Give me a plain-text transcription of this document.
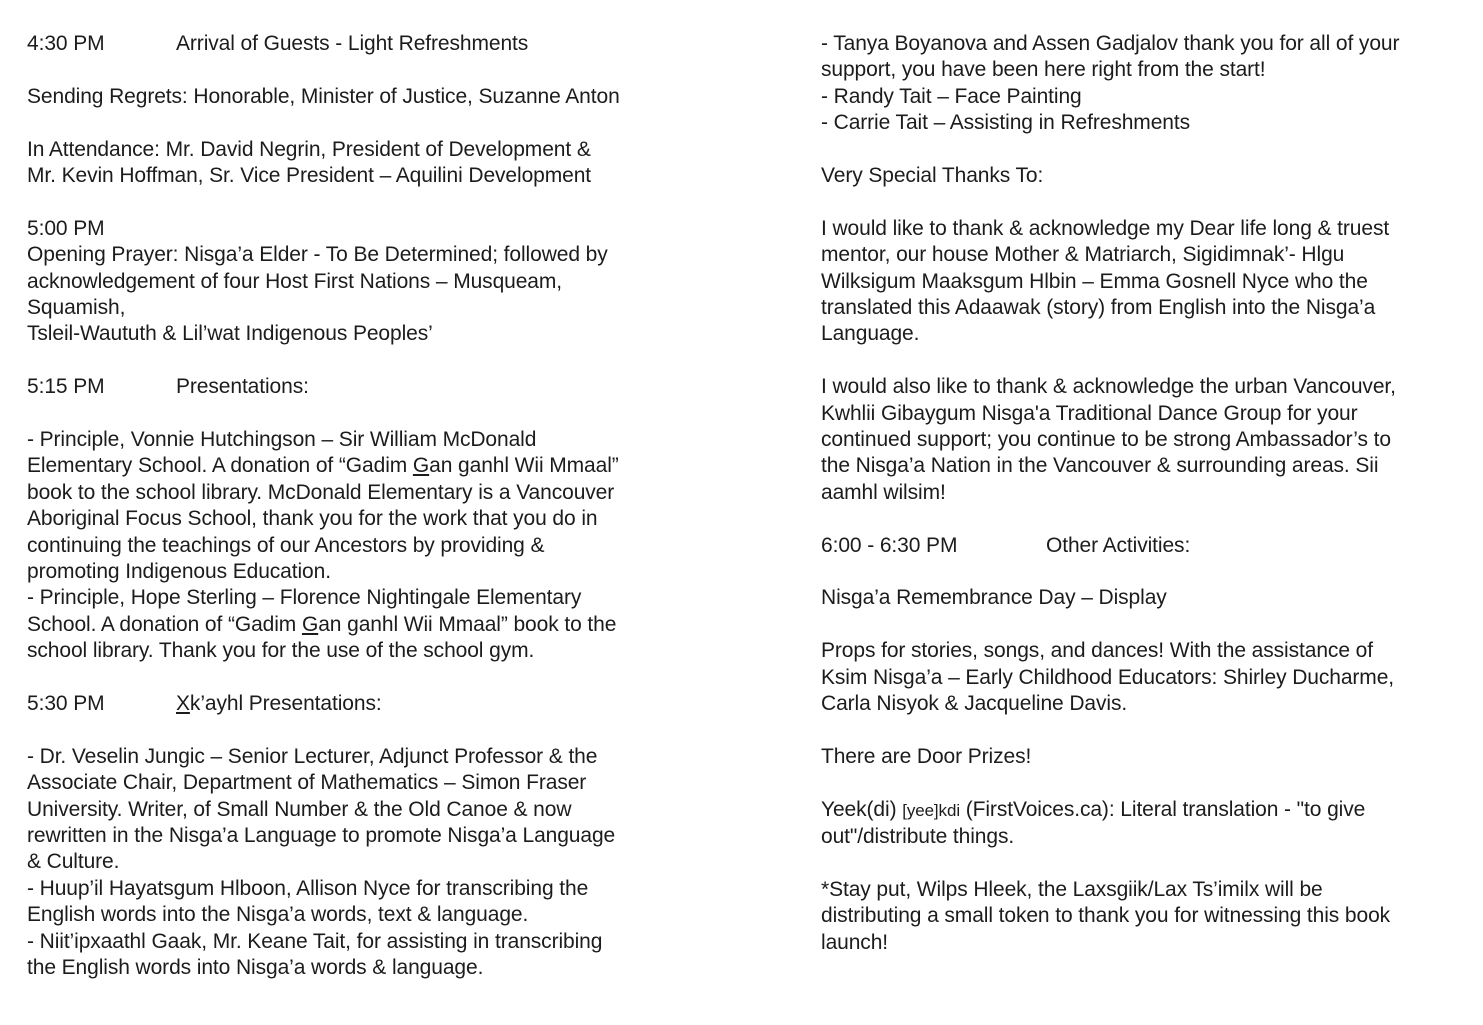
4:30 PM	Arrival of Guests - Light Refreshments
Sending Regrets: Honorable, Minister of Justice, Suzanne Anton
In Attendance: Mr. David Negrin, President of Development &
Mr. Kevin Hoffman, Sr. Vice President – Aquilini Development
5:00 PM
Opening Prayer: Nisga’a Elder - To Be Determined; followed by
acknowledgement of four Host First Nations – Musqueam,
Squamish,
Tsleil-Waututh & Lil’wat Indigenous Peoples’
5:15 PM	Presentations:
- Principle, Vonnie Hutchingson – Sir William McDonald
Elementary School. A donation of “Gadim Gan ganhl Wii Mmaal”
book to the school library. McDonald Elementary is a Vancouver
Aboriginal Focus School, thank you for the work that you do in
continuing the teachings of our Ancestors by providing &
promoting Indigenous Education.
- Principle, Hope Sterling – Florence Nightingale Elementary
School. A donation of “Gadim Gan ganhl Wii Mmaal” book to the
school library. Thank you for the use of the school gym.
5:30 PM	Xk’ayhl Presentations:
- Dr. Veselin Jungic – Senior Lecturer, Adjunct Professor & the
Associate Chair, Department of Mathematics – Simon Fraser
University. Writer, of Small Number & the Old Canoe & now
rewritten in the Nisga’a Language to promote Nisga’a Language
& Culture.
- Huup’il Hayatsgum Hlboon, Allison Nyce for transcribing the
English words into the Nisga’a words, text & language.
- Niit’ipxaathl Gaak, Mr. Keane Tait, for assisting in transcribing
the English words into Nisga’a words & language.
- Tanya Boyanova and Assen Gadjalov thank you for all of your
support, you have been here right from the start!
- Randy Tait – Face Painting
- Carrie Tait – Assisting in Refreshments
Very Special Thanks To:
I would like to thank & acknowledge my Dear life long & truest
mentor, our house Mother & Matriarch, Sigidimnak’- Hlgu
Wilksigum Maaksgum Hlbin – Emma Gosnell Nyce who the
translated this Adaawak (story) from English into the Nisga’a
Language.
I would also like to thank & acknowledge the urban Vancouver,
Kwhlii Gibaygum Nisga'a Traditional Dance Group for your
continued support; you continue to be strong Ambassador’s to
the Nisga’a Nation in the Vancouver & surrounding areas. Sii
aamhl wilsim!
6:00 - 6:30 PM	Other Activities:
Nisga’a Remembrance Day – Display
Props for stories, songs, and dances! With the assistance of
Ksim Nisga’a – Early Childhood Educators: Shirley Ducharme,
Carla Nisyok & Jacqueline Davis.
There are Door Prizes!
Yeek(di) [yee]kdi (FirstVoices.ca): Literal translation - "to give
out"/distribute things.
*Stay put, Wilps Hleek, the Laxsgiik/Lax Ts’imilx will be
distributing a small token to thank you for witnessing this book
launch!
